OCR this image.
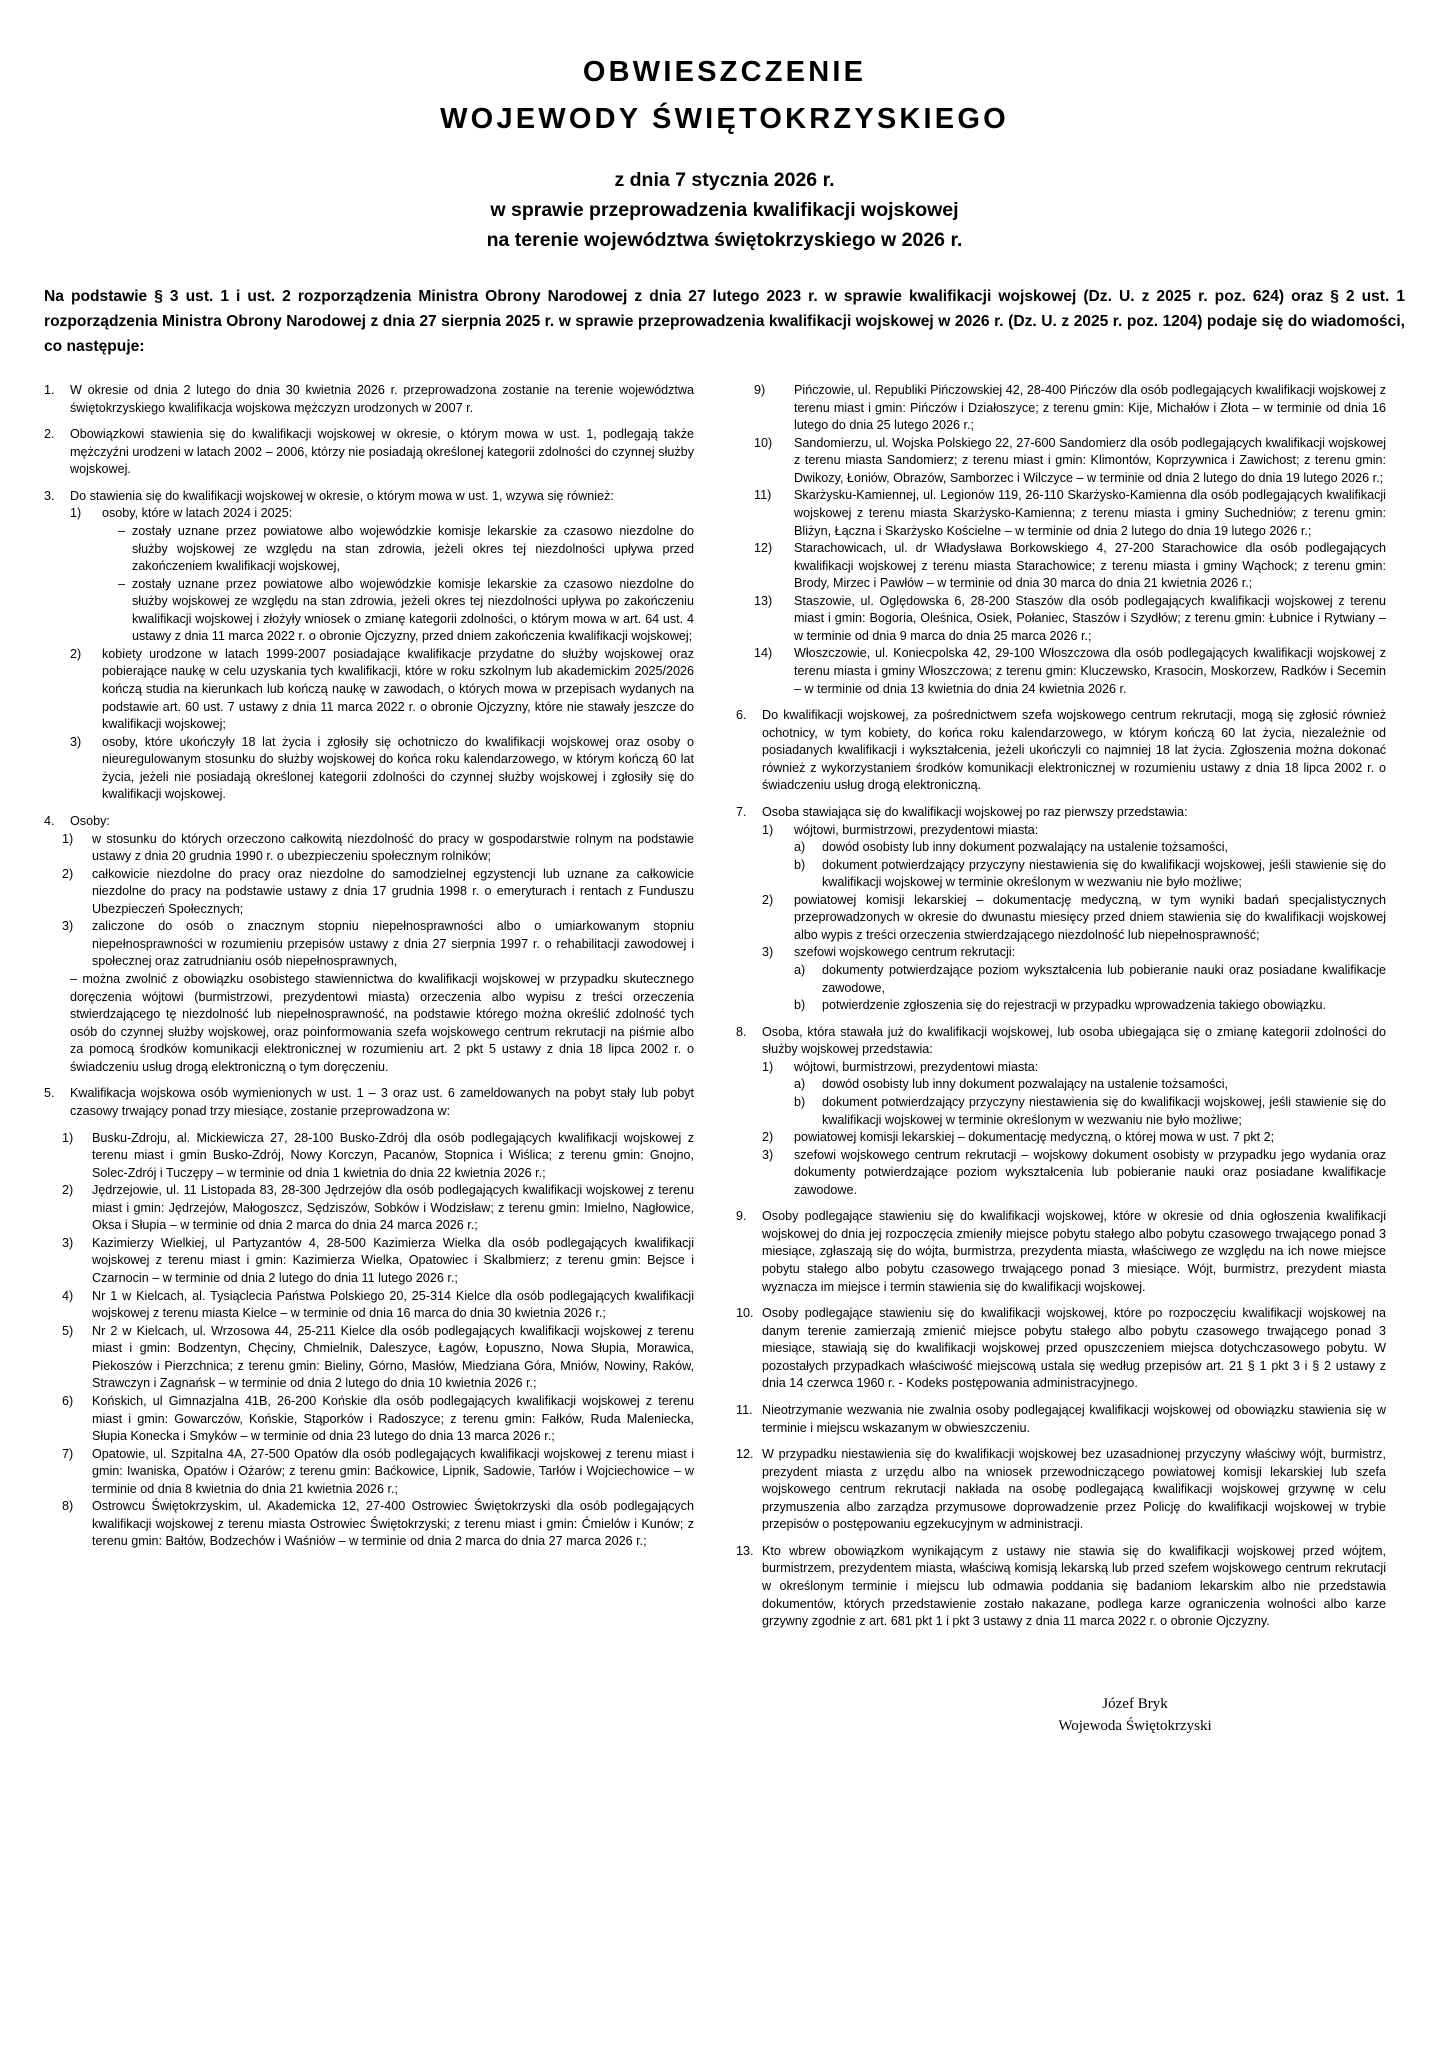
OBWIESZCZENIE
WOJEWODY ŚWIĘTOKRZYSKIEGO
z dnia 7 stycznia 2026 r.
w sprawie przeprowadzenia kwalifikacji wojskowej
na terenie województwa świętokrzyskiego w 2026 r.
Na podstawie § 3 ust. 1 i ust. 2 rozporządzenia Ministra Obrony Narodowej z dnia 27 lutego 2023 r. w sprawie kwalifikacji wojskowej (Dz. U. z 2025 r. poz. 624) oraz § 2 ust. 1 rozporządzenia Ministra Obrony Narodowej z dnia 27 sierpnia 2025 r. w sprawie przeprowadzenia kwalifikacji wojskowej w 2026 r. (Dz. U. z 2025 r. poz. 1204) podaje się do wiadomości, co następuje:
1.	W okresie od dnia 2 lutego do dnia 30 kwietnia 2026 r. przeprowadzona zostanie na terenie województwa świętokrzyskiego kwalifikacja wojskowa mężczyzn urodzonych w 2007 r.
2.	Obowiązkowi stawienia się do kwalifikacji wojskowej w okresie, o którym mowa w ust. 1, podlegają także mężczyźni urodzeni w latach 2002 – 2006, którzy nie posiadają określonej kategorii zdolności do czynnej służby wojskowej.
3.	Do stawienia się do kwalifikacji wojskowej w okresie, o którym mowa w ust. 1, wzywa się również:
1)	osoby, które w latach 2024 i 2025:
– zostały uznane przez powiatowe albo wojewódzkie komisje lekarskie za czasowo niezdolne do służby wojskowej ze względu na stan zdrowia, jeżeli okres tej niezdolności upływa przed zakończeniem kwalifikacji wojskowej,
– zostały uznane przez powiatowe albo wojewódzkie komisje lekarskie za czasowo niezdolne do służby wojskowej ze względu na stan zdrowia, jeżeli okres tej niezdolności upływa po zakończeniu kwalifikacji wojskowej i złożyły wniosek o zmianę kategorii zdolności, o którym mowa w art. 64 ust. 4 ustawy z dnia 11 marca 2022 r. o obronie Ojczyzny, przed dniem zakończenia kwalifikacji wojskowej;
2)	kobiety urodzone w latach 1999-2007 posiadające kwalifikacje przydatne do służby wojskowej oraz pobierające naukę w celu uzyskania tych kwalifikacji, które w roku szkolnym lub akademickim 2025/2026 kończą studia na kierunkach lub kończą naukę w zawodach, o których mowa w przepisach wydanych na podstawie art. 60 ust. 7 ustawy z dnia 11 marca 2022 r. o obronie Ojczyzny, które nie stawały jeszcze do kwalifikacji wojskowej;
3)	osoby, które ukończyły 18 lat życia i zgłosiły się ochotniczo do kwalifikacji wojskowej oraz osoby o nieuregulowanym stosunku do służby wojskowej do końca roku kalendarzowego, w którym kończą 60 lat życia, jeżeli nie posiadają określonej kategorii zdolności do czynnej służby wojskowej i zgłosiły się do kwalifikacji wojskowej.
4.	Osoby:
1)	w stosunku do których orzeczono całkowitą niezdolność do pracy w gospodarstwie rolnym na podstawie ustawy z dnia 20 grudnia 1990 r. o ubezpieczeniu społecznym rolników;
2)	całkowicie niezdolne do pracy oraz niezdolne do samodzielnej egzystencji lub uznane za całkowicie niezdolne do pracy na podstawie ustawy z dnia 17 grudnia 1998 r. o emeryturach i rentach z Funduszu Ubezpieczeń Społecznych;
3)	zaliczone do osób o znacznym stopniu niepełnosprawności albo o umiarkowanym stopniu niepełnosprawności w rozumieniu przepisów ustawy z dnia 27 sierpnia 1997 r. o rehabilitacji zawodowej i społecznej oraz zatrudnianiu osób niepełnosprawnych,
– można zwolnić z obowiązku osobistego stawiennictwa do kwalifikacji wojskowej w przypadku skutecznego doręczenia wójtowi (burmistrzowi, prezydentowi miasta) orzeczenia albo wypisu z treści orzeczenia stwierdzającego tę niezdolność lub niepełnosprawność, na podstawie którego można określić zdolność tych osób do czynnej służby wojskowej, oraz poinformowania szefa wojskowego centrum rekrutacji na piśmie albo za pomocą środków komunikacji elektronicznej w rozumieniu art. 2 pkt 5 ustawy z dnia 18 lipca 2002 r. o świadczeniu usług drogą elektroniczną o tym doręczeniu.
5.	Kwalifikacja wojskowa osób wymienionych w ust. 1 – 3 oraz ust. 6 zameldowanych na pobyt stały lub pobyt czasowy trwający ponad trzy miesiące, zostanie przeprowadzona w:
1)	Busku-Zdroju, al. Mickiewicza 27, 28-100 Busko-Zdrój dla osób podlegających kwalifikacji wojskowej z terenu miast i gmin Busko-Zdrój, Nowy Korczyn, Pacanów, Stopnica i Wiślica; z terenu gmin: Gnojno, Solec-Zdrój i Tuczępy – w terminie od dnia 1 kwietnia do dnia 22 kwietnia 2026 r.;
2)	Jędrzejowie, ul. 11 Listopada 83, 28-300 Jędrzejów dla osób podlegających kwalifikacji wojskowej z terenu miast i gmin: Jędrzejów, Małogoszcz, Sędziszów, Sobków i Wodzisław; z terenu gmin: Imielno, Nagłowice, Oksa i Słupia – w terminie od dnia 2 marca do dnia 24 marca 2026 r.;
3)	Kazimierzy Wielkiej, ul Partyzantów 4, 28-500 Kazimierza Wielka dla osób podlegających kwalifikacji wojskowej z terenu miast i gmin: Kazimierza Wielka, Opatowiec i Skalbmierz; z terenu gmin: Bejsce i Czarnocin – w terminie od dnia 2 lutego do dnia 11 lutego 2026 r.;
4)	Nr 1 w Kielcach, al. Tysiąclecia Państwa Polskiego 20, 25-314 Kielce dla osób podlegających kwalifikacji wojskowej z terenu miasta Kielce – w terminie od dnia 16 marca do dnia 30 kwietnia 2026 r.;
5)	Nr 2 w Kielcach, ul. Wrzosowa 44, 25-211 Kielce dla osób podlegających kwalifikacji wojskowej z terenu miast i gmin: Bodzentyn, Chęciny, Chmielnik, Daleszyce, Łagów, Łopuszno, Nowa Słupia, Morawica, Piekoszów i Pierzchnica; z terenu gmin: Bieliny, Górno, Masłów, Miedziana Góra, Mniów, Nowiny, Raków, Strawczyn i Zagnańsk – w terminie od dnia 2 lutego do dnia 10 kwietnia 2026 r.;
6)	Końskich, ul Gimnazjalna 41B, 26-200 Końskie dla osób podlegających kwalifikacji wojskowej z terenu miast i gmin: Gowarczów, Końskie, Stąporków i Radoszyce; z terenu gmin: Fałków, Ruda Maleniecka, Słupia Konecka i Smyków – w terminie od dnia 23 lutego do dnia 13 marca 2026 r.;
7)	Opatowie, ul. Szpitalna 4A, 27-500 Opatów dla osób podlegających kwalifikacji wojskowej z terenu miast i gmin: Iwaniska, Opatów i Ożarów; z terenu gmin: Baćkowice, Lipnik, Sadowie, Tarłów i Wojciechowice – w terminie od dnia 8 kwietnia do dnia 21 kwietnia 2026 r.;
8)	Ostrowcu Świętokrzyskim, ul. Akademicka 12, 27-400 Ostrowiec Świętokrzyski dla osób podlegających kwalifikacji wojskowej z terenu miasta Ostrowiec Świętokrzyski; z terenu miast i gmin: Ćmielów i Kunów; z terenu gmin: Bałtów, Bodzechów i Waśniów – w terminie od dnia 2 marca do dnia 27 marca 2026 r.;
9)	Pińczowie, ul. Republiki Pińczowskiej 42, 28-400 Pińczów dla osób podlegających kwalifikacji wojskowej z terenu miast i gmin: Pińczów i Działoszyce; z terenu gmin: Kije, Michałów i Złota – w terminie od dnia 16 lutego do dnia 25 lutego 2026 r.;
10)	Sandomierzu, ul. Wojska Polskiego 22, 27-600 Sandomierz dla osób podlegających kwalifikacji wojskowej z terenu miasta Sandomierz; z terenu miast i gmin: Klimontów, Koprzywnica i Zawichost; z terenu gmin: Dwikozy, Łoniów, Obrazów, Samborzec i Wilczyce – w terminie od dnia 2 lutego do dnia 19 lutego 2026 r.;
11)	Skarżysku-Kamiennej, ul. Legionów 119, 26-110 Skarżysko-Kamienna dla osób podlegających kwalifikacji wojskowej z terenu miasta Skarżysko-Kamienna; z terenu miasta i gminy Suchedniów; z terenu gmin: Bliżyn, Łączna i Skarżysko Kościelne – w terminie od dnia 2 lutego do dnia 19 lutego 2026 r.;
12)	Starachowicach, ul. dr Władysława Borkowskiego 4, 27-200 Starachowice dla osób podlegających kwalifikacji wojskowej z terenu miasta Starachowice; z terenu miasta i gminy Wąchock; z terenu gmin: Brody, Mirzec i Pawłów – w terminie od dnia 30 marca do dnia 21 kwietnia 2026 r.;
13)	Staszowie, ul. Oględowska 6, 28-200 Staszów dla osób podlegających kwalifikacji wojskowej z terenu miast i gmin: Bogoria, Oleśnica, Osiek, Połaniec, Staszów i Szydłów; z terenu gmin: Łubnice i Rytwiany – w terminie od dnia 9 marca do dnia 25 marca 2026 r.;
14)	Włoszczowie, ul. Koniecpolska 42, 29-100 Włoszczowa dla osób podlegających kwalifikacji wojskowej z terenu miasta i gminy Włoszczowa; z terenu gmin: Kluczewsko, Krasocin, Moskorzew, Radków i Secemin – w terminie od dnia 13 kwietnia do dnia 24 kwietnia 2026 r.
6.	Do kwalifikacji wojskowej, za pośrednictwem szefa wojskowego centrum rekrutacji, mogą się zgłosić również ochotnicy, w tym kobiety, do końca roku kalendarzowego, w którym kończą 60 lat życia, niezależnie od posiadanych kwalifikacji i wykształcenia, jeżeli ukończyli co najmniej 18 lat życia. Zgłoszenia można dokonać również z wykorzystaniem środków komunikacji elektronicznej w rozumieniu ustawy z dnia 18 lipca 2002 r. o świadczeniu usług drogą elektroniczną.
7.	Osoba stawiająca się do kwalifikacji wojskowej po raz pierwszy przedstawia:
1)	wójtowi, burmistrzowi, prezydentowi miasta:
a)	dowód osobisty lub inny dokument pozwalający na ustalenie tożsamości,
b)	dokument potwierdzający przyczyny niestawienia się do kwalifikacji wojskowej, jeśli stawienie się do kwalifikacji wojskowej w terminie określonym w wezwaniu nie było możliwe;
2)	powiatowej komisji lekarskiej – dokumentację medyczną, w tym wyniki badań specjalistycznych przeprowadzonych w okresie do dwunastu miesięcy przed dniem stawienia się do kwalifikacji wojskowej albo wypis z treści orzeczenia stwierdzającego niezdolność lub niepełnosprawność;
3)	szefowi wojskowego centrum rekrutacji:
a)	dokumenty potwierdzające poziom wykształcenia lub pobieranie nauki oraz posiadane kwalifikacje zawodowe,
b)	potwierdzenie zgłoszenia się do rejestracji w przypadku wprowadzenia takiego obowiązku.
8.	Osoba, która stawała już do kwalifikacji wojskowej, lub osoba ubiegająca się o zmianę kategorii zdolności do służby wojskowej przedstawia:
1)	wójtowi, burmistrzowi, prezydentowi miasta:
a)	dowód osobisty lub inny dokument pozwalający na ustalenie tożsamości,
b)	dokument potwierdzający przyczyny niestawienia się do kwalifikacji wojskowej, jeśli stawienie się do kwalifikacji wojskowej w terminie określonym w wezwaniu nie było możliwe;
2)	powiatowej komisji lekarskiej – dokumentację medyczną, o której mowa w ust. 7 pkt 2;
3)	szefowi wojskowego centrum rekrutacji – wojskowy dokument osobisty w przypadku jego wydania oraz dokumenty potwierdzające poziom wykształcenia lub pobieranie nauki oraz posiadane kwalifikacje zawodowe.
9.	Osoby podlegające stawieniu się do kwalifikacji wojskowej, które w okresie od dnia ogłoszenia kwalifikacji wojskowej do dnia jej rozpoczęcia zmieniły miejsce pobytu stałego albo pobytu czasowego trwającego ponad 3 miesiące, zgłaszają się do wójta, burmistrza, prezydenta miasta, właściwego ze względu na ich nowe miejsce pobytu stałego albo pobytu czasowego trwającego ponad 3 miesiące. Wójt, burmistrz, prezydent miasta wyznacza im miejsce i termin stawienia się do kwalifikacji wojskowej.
10. Osoby podlegające stawieniu się do kwalifikacji wojskowej, które po rozpoczęciu kwalifikacji wojskowej na danym terenie zamierzają zmienić miejsce pobytu stałego albo pobytu czasowego trwającego ponad 3 miesiące, stawiają się do kwalifikacji wojskowej przed opuszczeniem miejsca dotychczasowego pobytu. W pozostałych przypadkach właściwość miejscową ustala się według przepisów art. 21 § 1 pkt 3 i § 2 ustawy z dnia 14 czerwca 1960 r. - Kodeks postępowania administracyjnego.
11. Nieotrzymanie wezwania nie zwalnia osoby podlegającej kwalifikacji wojskowej od obowiązku stawienia się w terminie i miejscu wskazanym w obwieszczeniu.
12. W przypadku niestawienia się do kwalifikacji wojskowej bez uzasadnionej przyczyny właściwy wójt, burmistrz, prezydent miasta z urzędu albo na wniosek przewodniczącego powiatowej komisji lekarskiej lub szefa wojskowego centrum rekrutacji nakłada na osobę podlegającą kwalifikacji wojskowej grzywnę w celu przymuszenia albo zarządza przymusowe doprowadzenie przez Policję do kwalifikacji wojskowej w trybie przepisów o postępowaniu egzekucyjnym w administracji.
13. Kto wbrew obowiązkom wynikającym z ustawy nie stawia się do kwalifikacji wojskowej przed wójtem, burmistrzem, prezydentem miasta, właściwą komisją lekarską lub przed szefem wojskowego centrum rekrutacji w określonym terminie i miejscu lub odmawia poddania się badaniom lekarskim albo nie przedstawia dokumentów, których przedstawienie zostało nakazane, podlega karze ograniczenia wolności albo karze grzywny zgodnie z art. 681 pkt 1 i pkt 3 ustawy z dnia 11 marca 2022 r. o obronie Ojczyzny.
Józef Bryk
Wojewoda Świętokrzyski
